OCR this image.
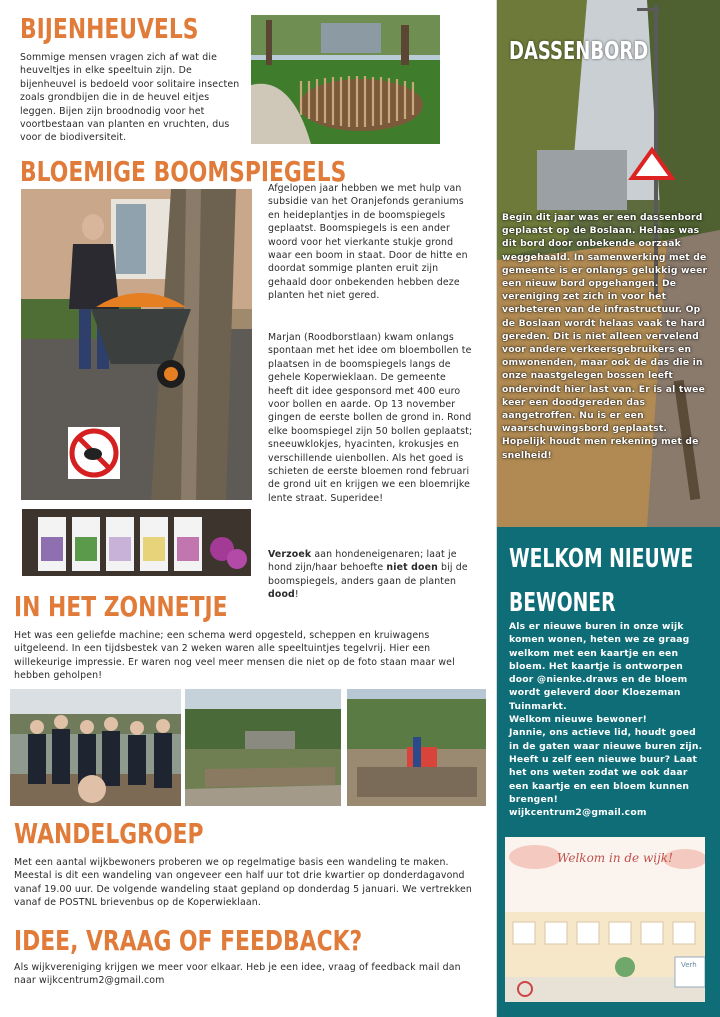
BIJENHEUVELS
Sommige mensen vragen zich af wat die heuveltjes in elke speeltuin zijn. De bijenheuvel is bedoeld voor solitaire insecten zoals grondbijen die in de heuvel eitjes leggen. Bijen zijn broodnodig voor het voortbestaan van planten en vruchten, dus voor de biodiversiteit.
BLOEMIGE BOOMSPIEGELS
Afgelopen jaar hebben we met hulp van subsidie van het Oranjefonds geraniums en heideplantjes in de boomspiegels geplaatst. Boomspiegels is een ander woord voor het vierkante stukje grond waar een boom in staat. Door de hitte en doordat sommige planten eruit zijn gehaald door onbekenden hebben deze planten het niet gered.
Marjan (Roodborstlaan) kwam onlangs spontaan met het idee om bloembollen te plaatsen in de boomspiegels langs de gehele Koperwieklaan. De gemeente heeft dit idee gesponsord met 400 euro voor bollen en aarde. Op 13 november gingen de eerste bollen de grond in. Rond elke boomspiegel zijn 50 bollen geplaatst; sneeuwklokjes, hyacinten, krokusjes en verschillende uienbollen. Als het goed is schieten de eerste bloemen rond februari de grond uit en krijgen we een bloemrijke lente straat. Superidee!
Verzoek aan hondeneigenaren; laat je hond zijn/haar behoefte niet doen bij de boomspiegels, anders gaan de planten dood!
IN HET ZONNETJE
Het was een geliefde machine; een schema werd opgesteld, scheppen en kruiwagens uitgeleend. In een tijdsbestek van 2 weken waren alle speeltuintjes tegelvrij. Hier een willekeurige impressie. Er waren nog veel meer mensen die niet op de foto staan maar wel hebben geholpen!
WANDELGROEP
Met een aantal wijkbewoners proberen we op regelmatige basis een wandeling te maken. Meestal is dit een wandeling van ongeveer een half uur tot drie kwartier op donderdagavond vanaf 19.00 uur. De volgende wandeling staat gepland op donderdag 5 januari. We vertrekken vanaf de POSTNL brievenbus op de Koperwieklaan.
IDEE, VRAAG OF FEEDBACK?
Als wijkvereniging krijgen we meer voor elkaar. Heb je een idee, vraag of feedback mail dan naar wijkcentrum2@gmail.com
DASSENBORD
Begin dit jaar was er een dassenbord geplaatst op de Boslaan. Helaas was dit bord door onbekende oorzaak weggehaald. In samenwerking met de gemeente is er onlangs gelukkig weer een nieuw bord opgehangen. De vereniging zet zich in voor het verbeteren van de infrastructuur. Op de Boslaan wordt helaas vaak te hard gereden. Dit is niet alleen vervelend voor andere verkeersgebruikers en omwonenden, maar ook de das die in onze naastgelegen bossen leeft ondervindt hier last van. Er is al twee keer een doodgereden das aangetroffen. Nu is er een waarschuwingsbord geplaatst. Hopelijk houdt men rekening met de snelheid!
WELKOM NIEUWE BEWONER
Als er nieuwe buren in onze wijk komen wonen, heten we ze graag welkom met een kaartje en een bloem. Het kaartje is ontworpen door @nienke.draws en de bloem wordt geleverd door Kloezeman Tuinmarkt.
Welkom nieuwe bewoner!
Jannie, ons actieve lid, houdt goed in de gaten waar nieuwe buren zijn. Heeft u zelf een nieuwe buur? Laat het ons weten zodat we ook daar een kaartje en een bloem kunnen brengen!
wijkcentrum2@gmail.com
Welkom in de wijk!
Verh
